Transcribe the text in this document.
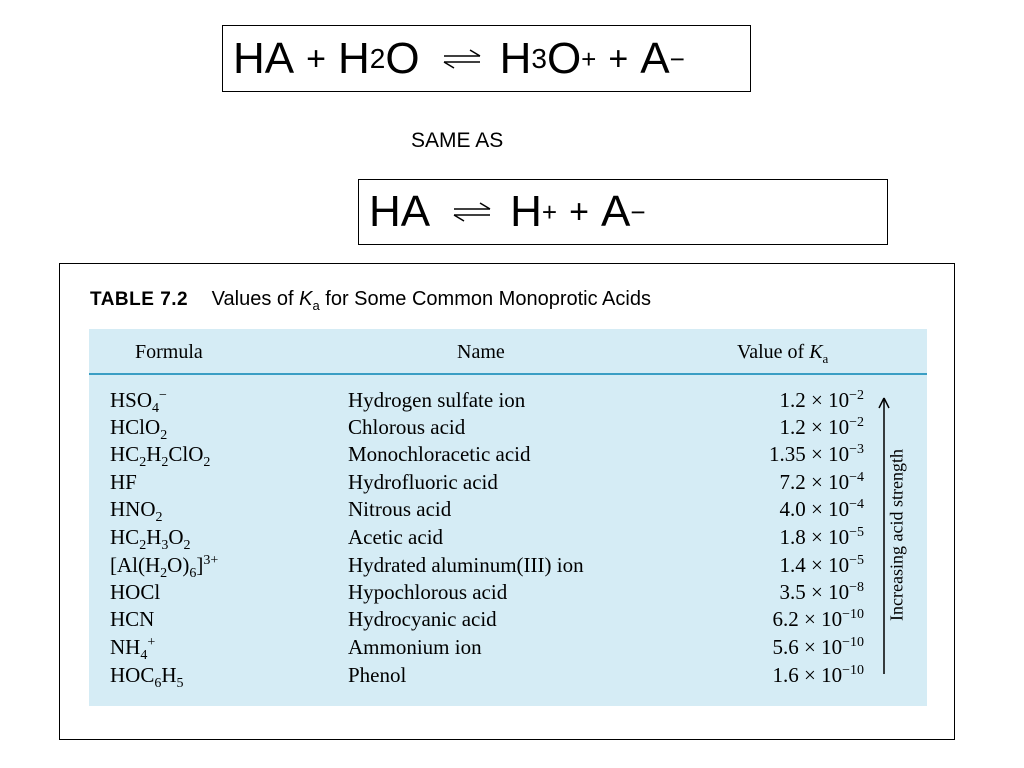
HA + H 2 O ⇌ H 3 O + + A −
SAME AS
HA ⇌ H + + A −
TABLE 7.2 Values of $K_a$ for Some Common Monoprotic Acids
Formula	Name	Value of $K_a$
$HSO_4^-$
HClO$_2$
$HC_2H_2ClO_2$
HF
$HNO_2$
$HC_2H_3O_2$
$[Al(H_2O)_6]^{3+}$
HOCl
HCN
$NH_4^+$
$HOC_6H_5$
Hydrogen sulfate ion
Chlorous acid
Monochloracetic acid
Hydrofluoric acid
Nitrous acid
Acetic acid
Hydrated aluminum(III) ion
Hypochlorous acid
Hydrocyanic acid
Ammonium ion
Phenol
$1.2 \times 10^{-2}$
$1.2 \times 10^{-2}$
$1.35 \times 10^{-3}$
$7.2 \times 10^{-4}$
$4.0 \times 10^{-4}$
$1.8 \times 10^{-5}$
$1.4 \times 10^{-5}$
$3.5 \times 10^{-8}$
$6.2 \times 10^{-10}$
$5.6 \times 10^{-10}$
$1.6 \times 10^{-10}$
Increasing acid strength
